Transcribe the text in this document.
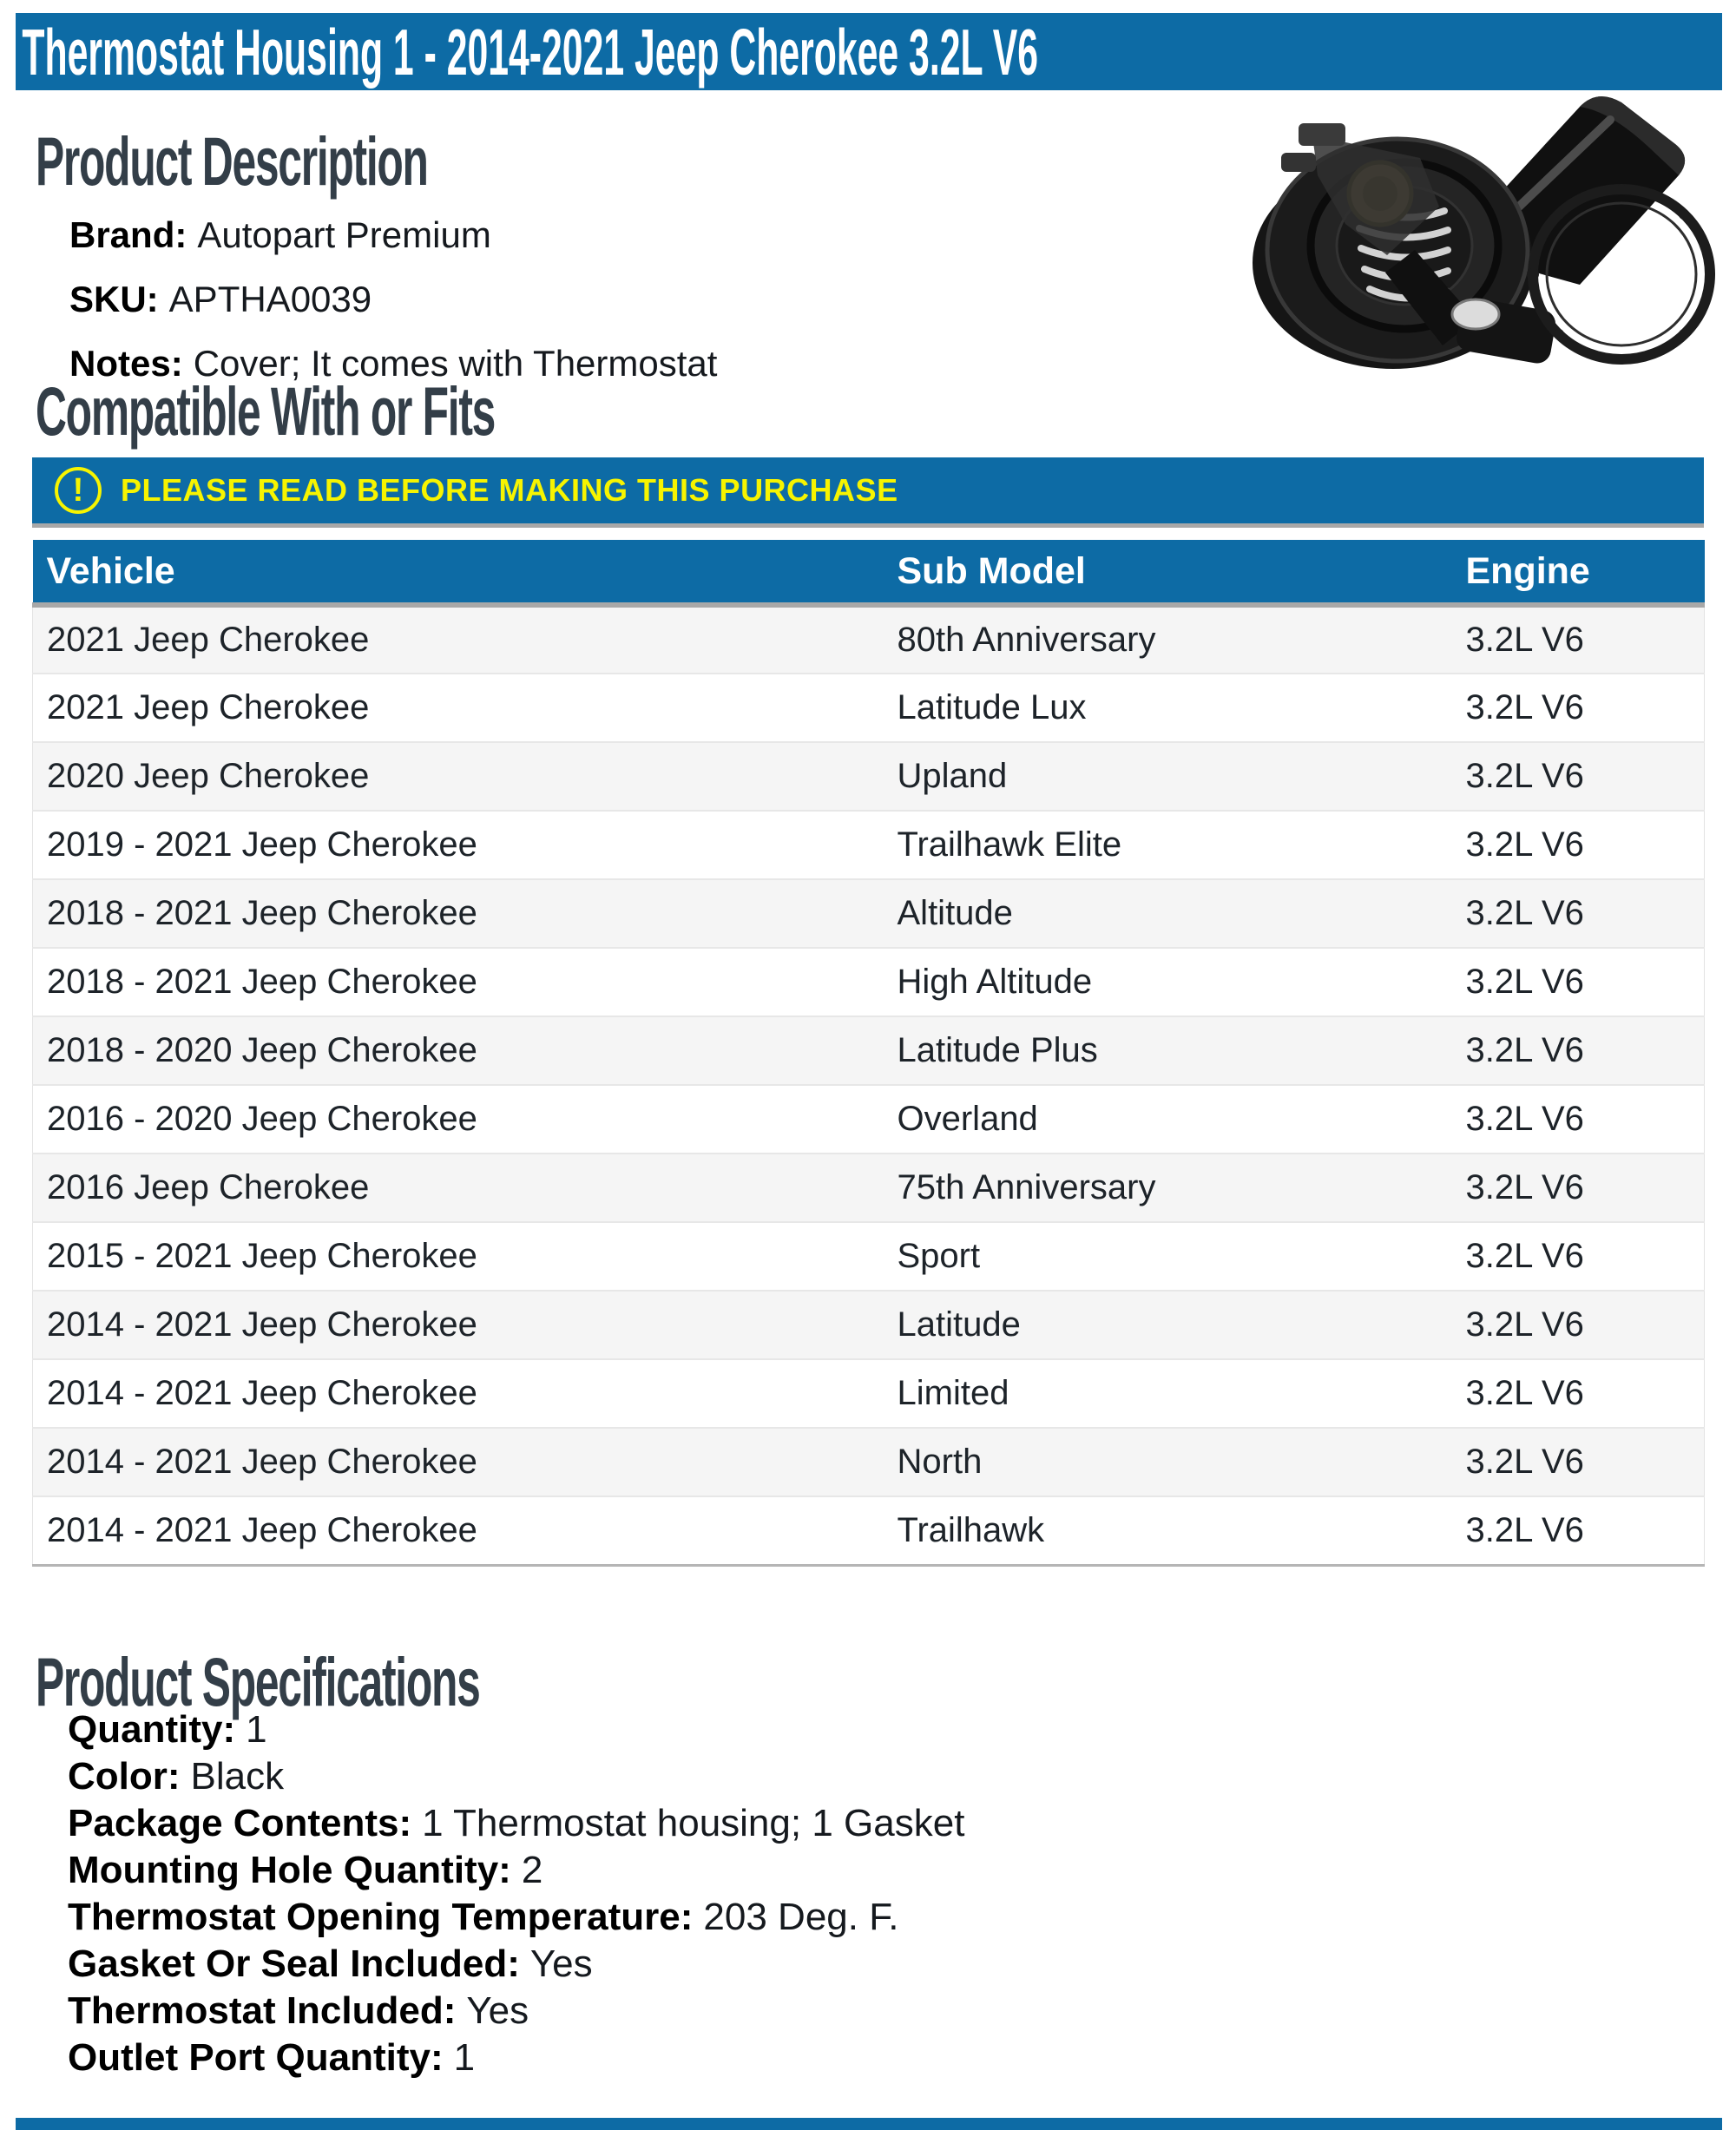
Thermostat Housing 1 - 2014-2021 Jeep Cherokee 3.2L V6
Product Description
Brand: Autopart Premium
SKU: APTHA0039
Notes: Cover; It comes with Thermostat
Compatible With or Fits
!	PLEASE READ BEFORE MAKING THIS PURCHASE
Vehicle	Sub Model	Engine
2021 Jeep Cherokee	80th Anniversary	3.2L V6
2021 Jeep Cherokee	Latitude Lux	3.2L V6
2020 Jeep Cherokee	Upland	3.2L V6
2019 - 2021 Jeep Cherokee	Trailhawk Elite	3.2L V6
2018 - 2021 Jeep Cherokee	Altitude	3.2L V6
2018 - 2021 Jeep Cherokee	High Altitude	3.2L V6
2018 - 2020 Jeep Cherokee	Latitude Plus	3.2L V6
2016 - 2020 Jeep Cherokee	Overland	3.2L V6
2016 Jeep Cherokee	75th Anniversary	3.2L V6
2015 - 2021 Jeep Cherokee	Sport	3.2L V6
2014 - 2021 Jeep Cherokee	Latitude	3.2L V6
2014 - 2021 Jeep Cherokee	Limited	3.2L V6
2014 - 2021 Jeep Cherokee	North	3.2L V6
2014 - 2021 Jeep Cherokee	Trailhawk	3.2L V6
Product Specifications
Quantity: 1
Color: Black
Package Contents: 1 Thermostat housing; 1 Gasket
Mounting Hole Quantity: 2
Thermostat Opening Temperature: 203 Deg. F.
Gasket Or Seal Included: Yes
Thermostat Included: Yes
Outlet Port Quantity: 1
